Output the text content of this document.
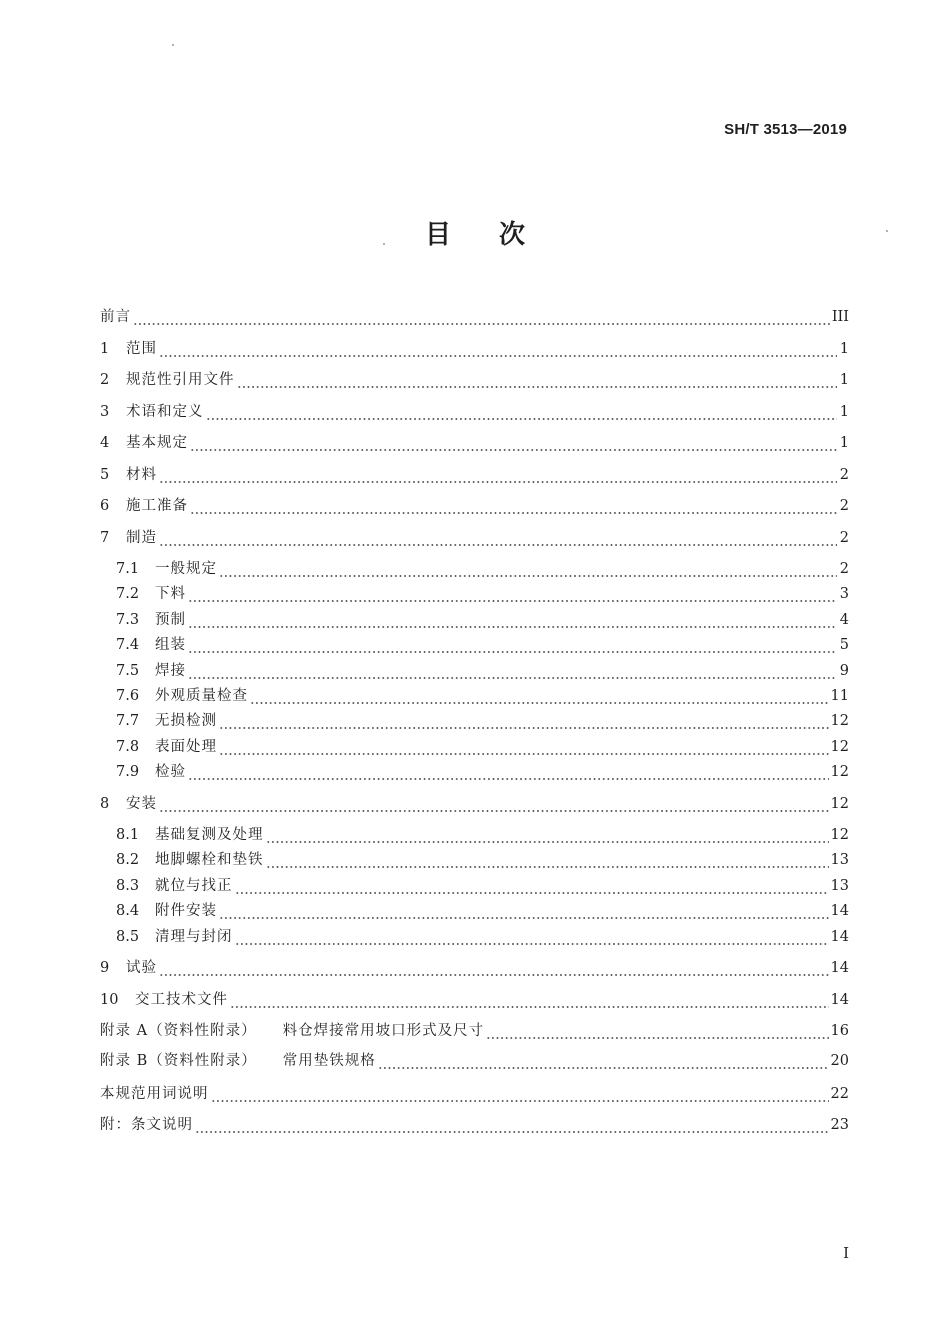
SH/T 3513—2019
目次
前言	III
1	范围	1
2	规范性引用文件	1
3	术语和定义	1
4	基本规定	1
5	材料	2
6	施工准备	2
7	制造	2
7.1	一般规定	2
7.2	下料	3
7.3	预制	4
7.4	组装	5
7.5	焊接	9
7.6	外观质量检查	11
7.7	无损检测	12
7.8	表面处理	12
7.9	检验	12
8	安装	12
8.1	基础复测及处理	12
8.2	地脚螺栓和垫铁	13
8.3	就位与找正	13
8.4	附件安装	14
8.5	清理与封闭	14
9	试验	14
10	交工技术文件	14
附录 A（资料性附录） 料仓焊接常用坡口形式及尺寸	16
附录 B（资料性附录） 常用垫铁规格	20
本规范用词说明	22
附：条文说明	23
I
